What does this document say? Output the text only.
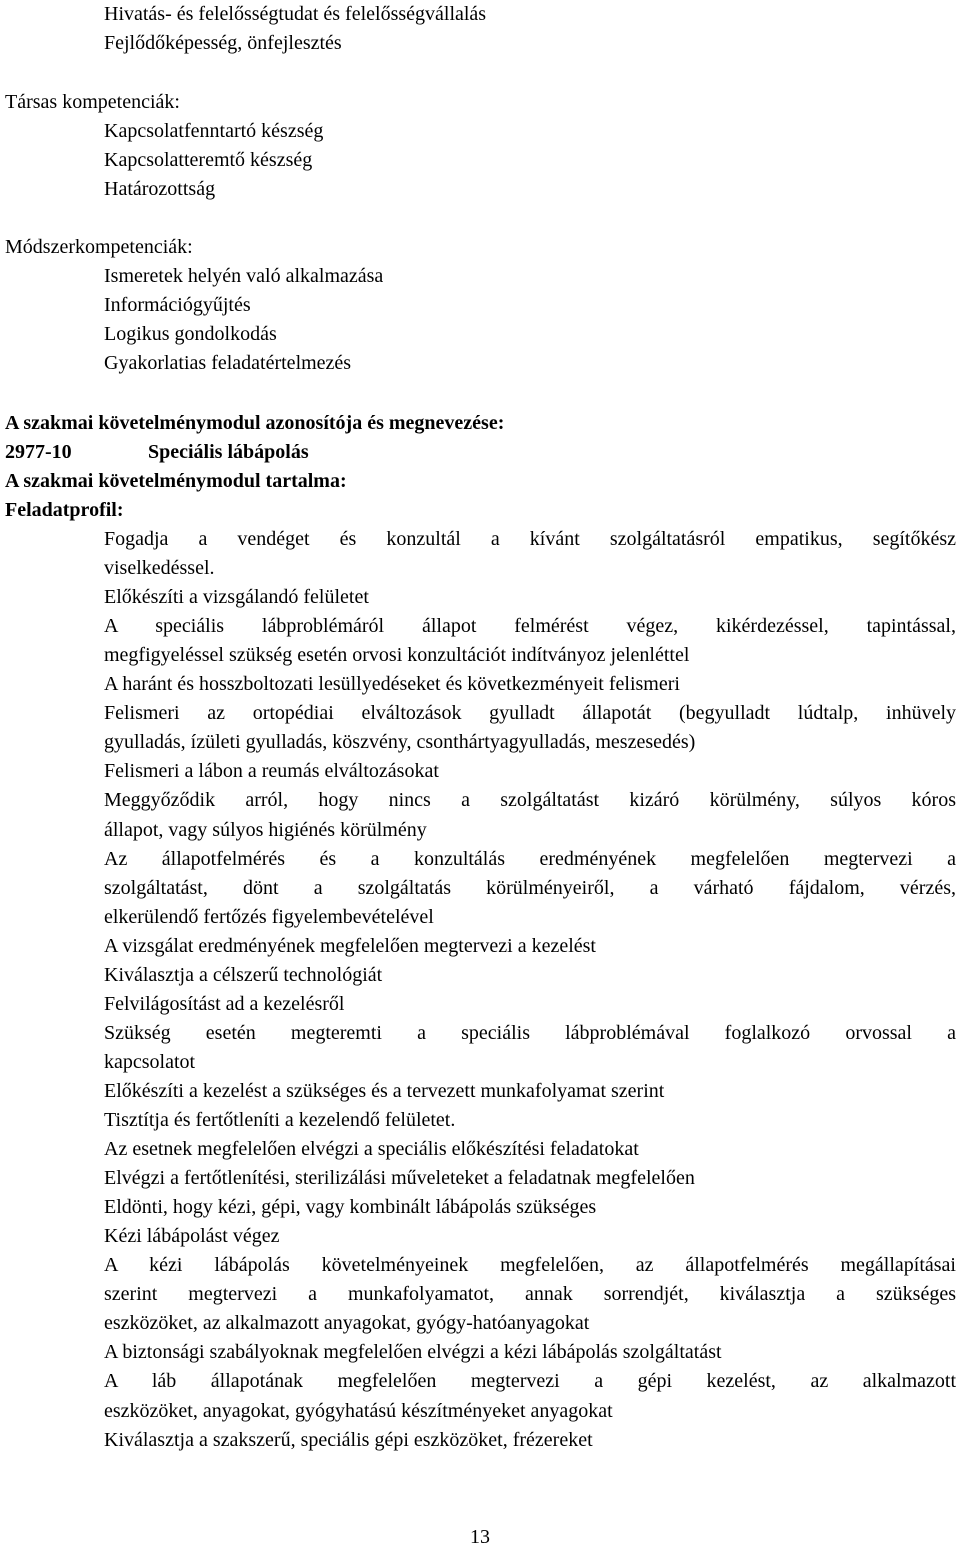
Hivatás- és felelősségtudat és felelősségvállalás
Fejlődőképesség, önfejlesztés
Társas kompetenciák:
Kapcsolatfenntartó készség
Kapcsolatteremtő készség
Határozottság
Módszerkompetenciák:
Ismeretek helyén való alkalmazása
Információgyűjtés
Logikus gondolkodás
Gyakorlatias feladatértelmezés
A szakmai követelménymodul azonosítója és megnevezése:
2977-10	Speciális lábápolás
A szakmai követelménymodul tartalma:
Feladatprofil:
Fogadja a vendéget és konzultál a kívánt szolgáltatásról empatikus, segítőkész
viselkedéssel.
Előkészíti a vizsgálandó felületet
A speciális lábproblémáról állapot felmérést végez, kikérdezéssel, tapintással,
megfigyeléssel szükség esetén orvosi konzultációt indítványoz jelenléttel
A haránt és hosszboltozati lesüllyedéseket és következményeit felismeri
Felismeri az ortopédiai elváltozások gyulladt állapotát (begyulladt lúdtalp, inhüvely
gyulladás, ízületi gyulladás, köszvény, csonthártyagyulladás, meszesedés)
Felismeri a lábon a reumás elváltozásokat
Meggyőződik arról, hogy nincs a szolgáltatást kizáró körülmény, súlyos kóros
állapot, vagy súlyos higiénés körülmény
Az állapotfelmérés és a konzultálás eredményének megfelelően megtervezi a
szolgáltatást, dönt a szolgáltatás körülményeiről, a várható fájdalom, vérzés,
elkerülendő fertőzés figyelembevételével
A vizsgálat eredményének megfelelően megtervezi a kezelést
Kiválasztja a célszerű technológiát
Felvilágosítást ad a kezelésről
Szükség esetén megteremti a speciális lábproblémával foglalkozó orvossal a
kapcsolatot
Előkészíti a kezelést a szükséges és a tervezett munkafolyamat szerint
Tisztítja és fertőtleníti a kezelendő felületet.
Az esetnek megfelelően elvégzi a speciális előkészítési feladatokat
Elvégzi a fertőtlenítési, sterilizálási műveleteket a feladatnak megfelelően
Eldönti, hogy kézi, gépi, vagy kombinált lábápolás szükséges
Kézi lábápolást végez
A kézi lábápolás követelményeinek megfelelően, az állapotfelmérés megállapításai
szerint megtervezi a munkafolyamatot, annak sorrendjét, kiválasztja a szükséges
eszközöket, az alkalmazott anyagokat, gyógy-hatóanyagokat
A biztonsági szabályoknak megfelelően elvégzi a kézi lábápolás szolgáltatást
A láb állapotának megfelelően megtervezi a gépi kezelést, az alkalmazott
eszközöket, anyagokat, gyógyhatású készítményeket anyagokat
Kiválasztja a szakszerű, speciális gépi eszközöket, frézereket
13
